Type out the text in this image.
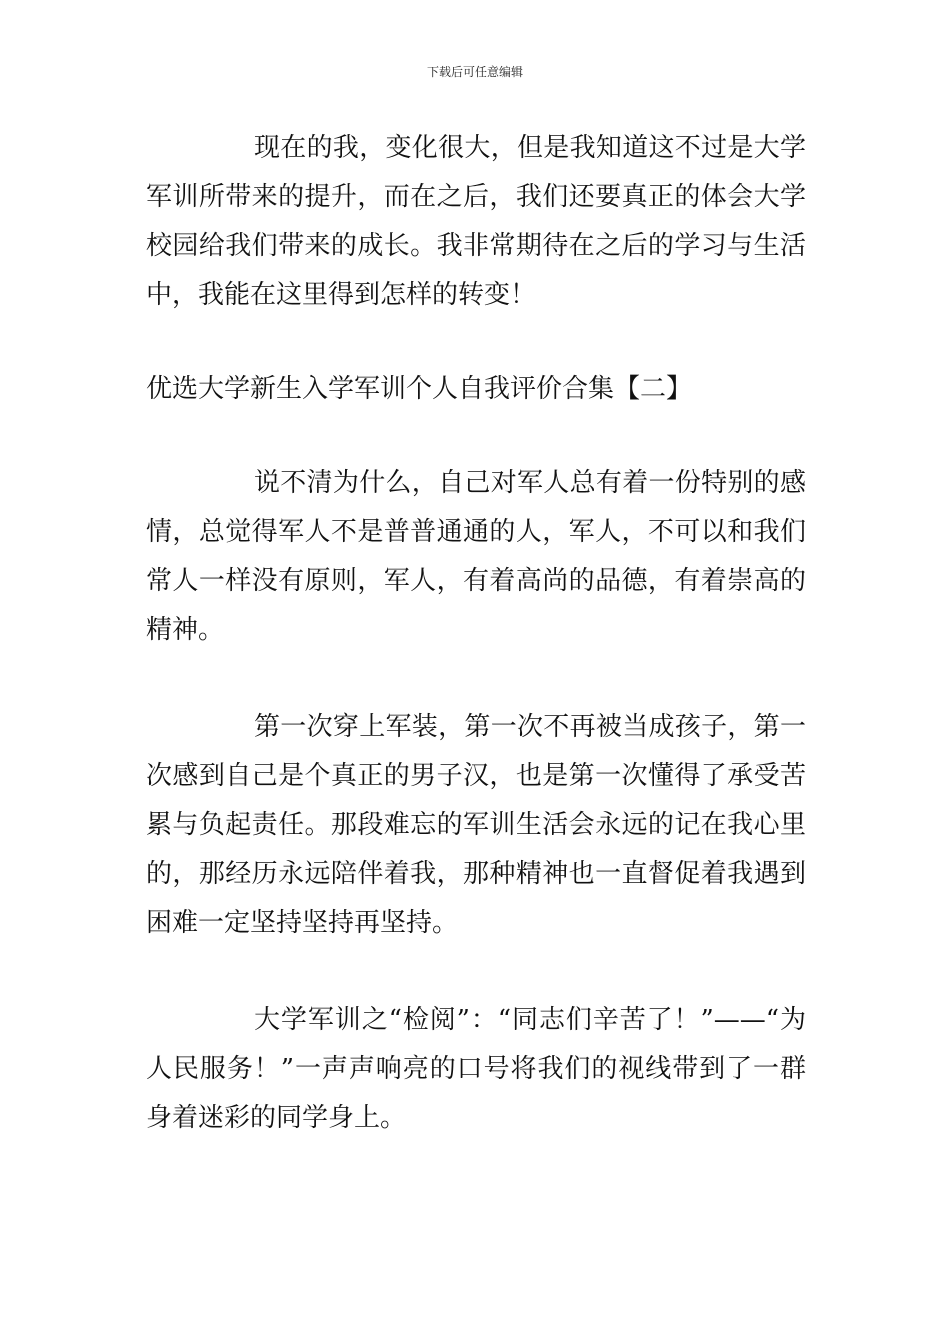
下载后可任意编辑

现在的我，变化很大，但是我知道这不过是大学军训所带来的提升，而在之后，我们还要真正的体会大学校园给我们带来的成长。我非常期待在之后的学习与生活中，我能在这里得到怎样的转变！

优选大学新生入学军训个人自我评价合集【二】

说不清为什么，自己对军人总有着一份特别的感情，总觉得军人不是普普通通的人，军人，不可以和我们常人一样没有原则，军人，有着高尚的品德，有着崇高的精神。

第一次穿上军装，第一次不再被当成孩子，第一次感到自己是个真正的男子汉，也是第一次懂得了承受苦累与负起责任。那段难忘的军训生活会永远的记在我心里的，那经历永远陪伴着我，那种精神也一直督促着我遇到困难一定坚持坚持再坚持。

大学军训之“检阅”：“同志们辛苦了！”——“为人民服务！”一声声响亮的口号将我们的视线带到了一群身着迷彩的同学身上。
